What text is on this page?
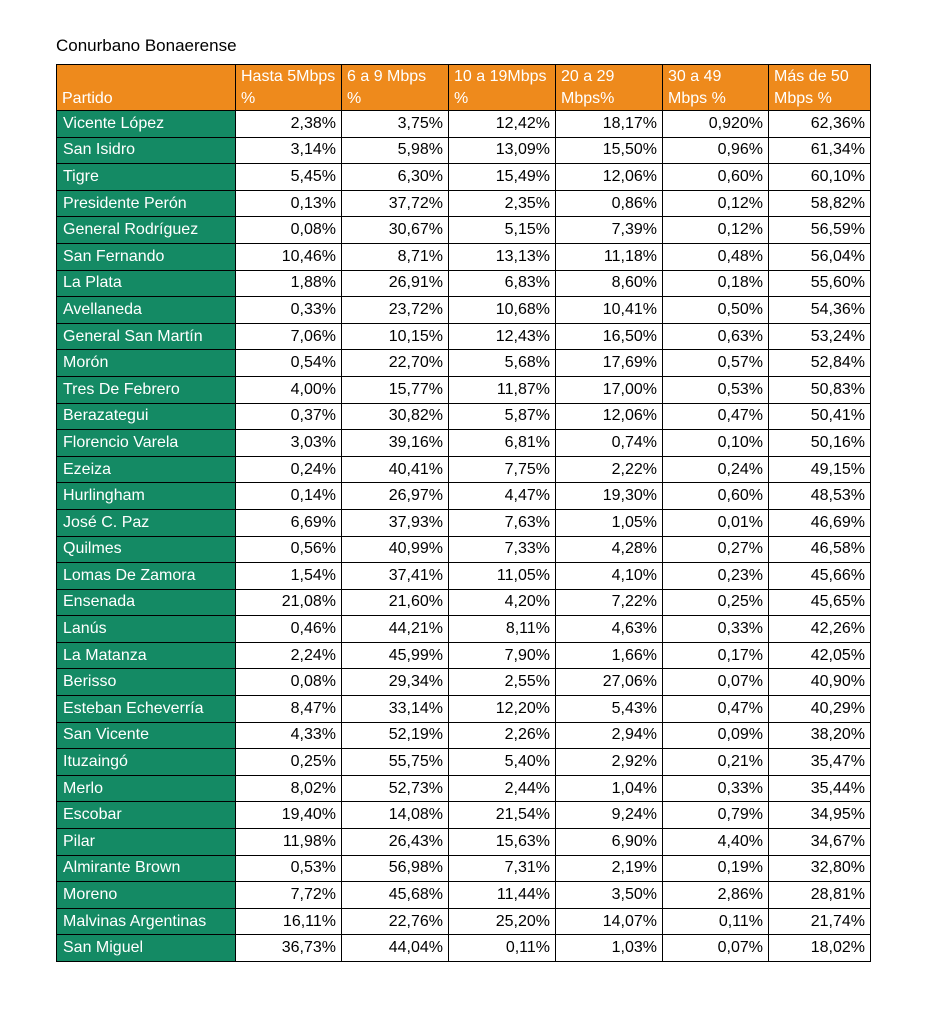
Conurbano Bonaerense
Partido	Hasta 5Mbps %	6 a 9 Mbps %	10 a 19Mbps %	20 a 29 Mbps%	30 a 49 Mbps %	Más de 50 Mbps %
Vicente López	2,38%	3,75%	12,42%	18,17%	0,920%	62,36%
San Isidro	3,14%	5,98%	13,09%	15,50%	0,96%	61,34%
Tigre	5,45%	6,30%	15,49%	12,06%	0,60%	60,10%
Presidente Perón	0,13%	37,72%	2,35%	0,86%	0,12%	58,82%
General Rodríguez	0,08%	30,67%	5,15%	7,39%	0,12%	56,59%
San Fernando	10,46%	8,71%	13,13%	11,18%	0,48%	56,04%
La Plata	1,88%	26,91%	6,83%	8,60%	0,18%	55,60%
Avellaneda	0,33%	23,72%	10,68%	10,41%	0,50%	54,36%
General San Martín	7,06%	10,15%	12,43%	16,50%	0,63%	53,24%
Morón	0,54%	22,70%	5,68%	17,69%	0,57%	52,84%
Tres De Febrero	4,00%	15,77%	11,87%	17,00%	0,53%	50,83%
Berazategui	0,37%	30,82%	5,87%	12,06%	0,47%	50,41%
Florencio Varela	3,03%	39,16%	6,81%	0,74%	0,10%	50,16%
Ezeiza	0,24%	40,41%	7,75%	2,22%	0,24%	49,15%
Hurlingham	0,14%	26,97%	4,47%	19,30%	0,60%	48,53%
José C. Paz	6,69%	37,93%	7,63%	1,05%	0,01%	46,69%
Quilmes	0,56%	40,99%	7,33%	4,28%	0,27%	46,58%
Lomas De Zamora	1,54%	37,41%	11,05%	4,10%	0,23%	45,66%
Ensenada	21,08%	21,60%	4,20%	7,22%	0,25%	45,65%
Lanús	0,46%	44,21%	8,11%	4,63%	0,33%	42,26%
La Matanza	2,24%	45,99%	7,90%	1,66%	0,17%	42,05%
Berisso	0,08%	29,34%	2,55%	27,06%	0,07%	40,90%
Esteban Echeverría	8,47%	33,14%	12,20%	5,43%	0,47%	40,29%
San Vicente	4,33%	52,19%	2,26%	2,94%	0,09%	38,20%
Ituzaingó	0,25%	55,75%	5,40%	2,92%	0,21%	35,47%
Merlo	8,02%	52,73%	2,44%	1,04%	0,33%	35,44%
Escobar	19,40%	14,08%	21,54%	9,24%	0,79%	34,95%
Pilar	11,98%	26,43%	15,63%	6,90%	4,40%	34,67%
Almirante Brown	0,53%	56,98%	7,31%	2,19%	0,19%	32,80%
Moreno	7,72%	45,68%	11,44%	3,50%	2,86%	28,81%
Malvinas Argentinas	16,11%	22,76%	25,20%	14,07%	0,11%	21,74%
San Miguel	36,73%	44,04%	0,11%	1,03%	0,07%	18,02%
